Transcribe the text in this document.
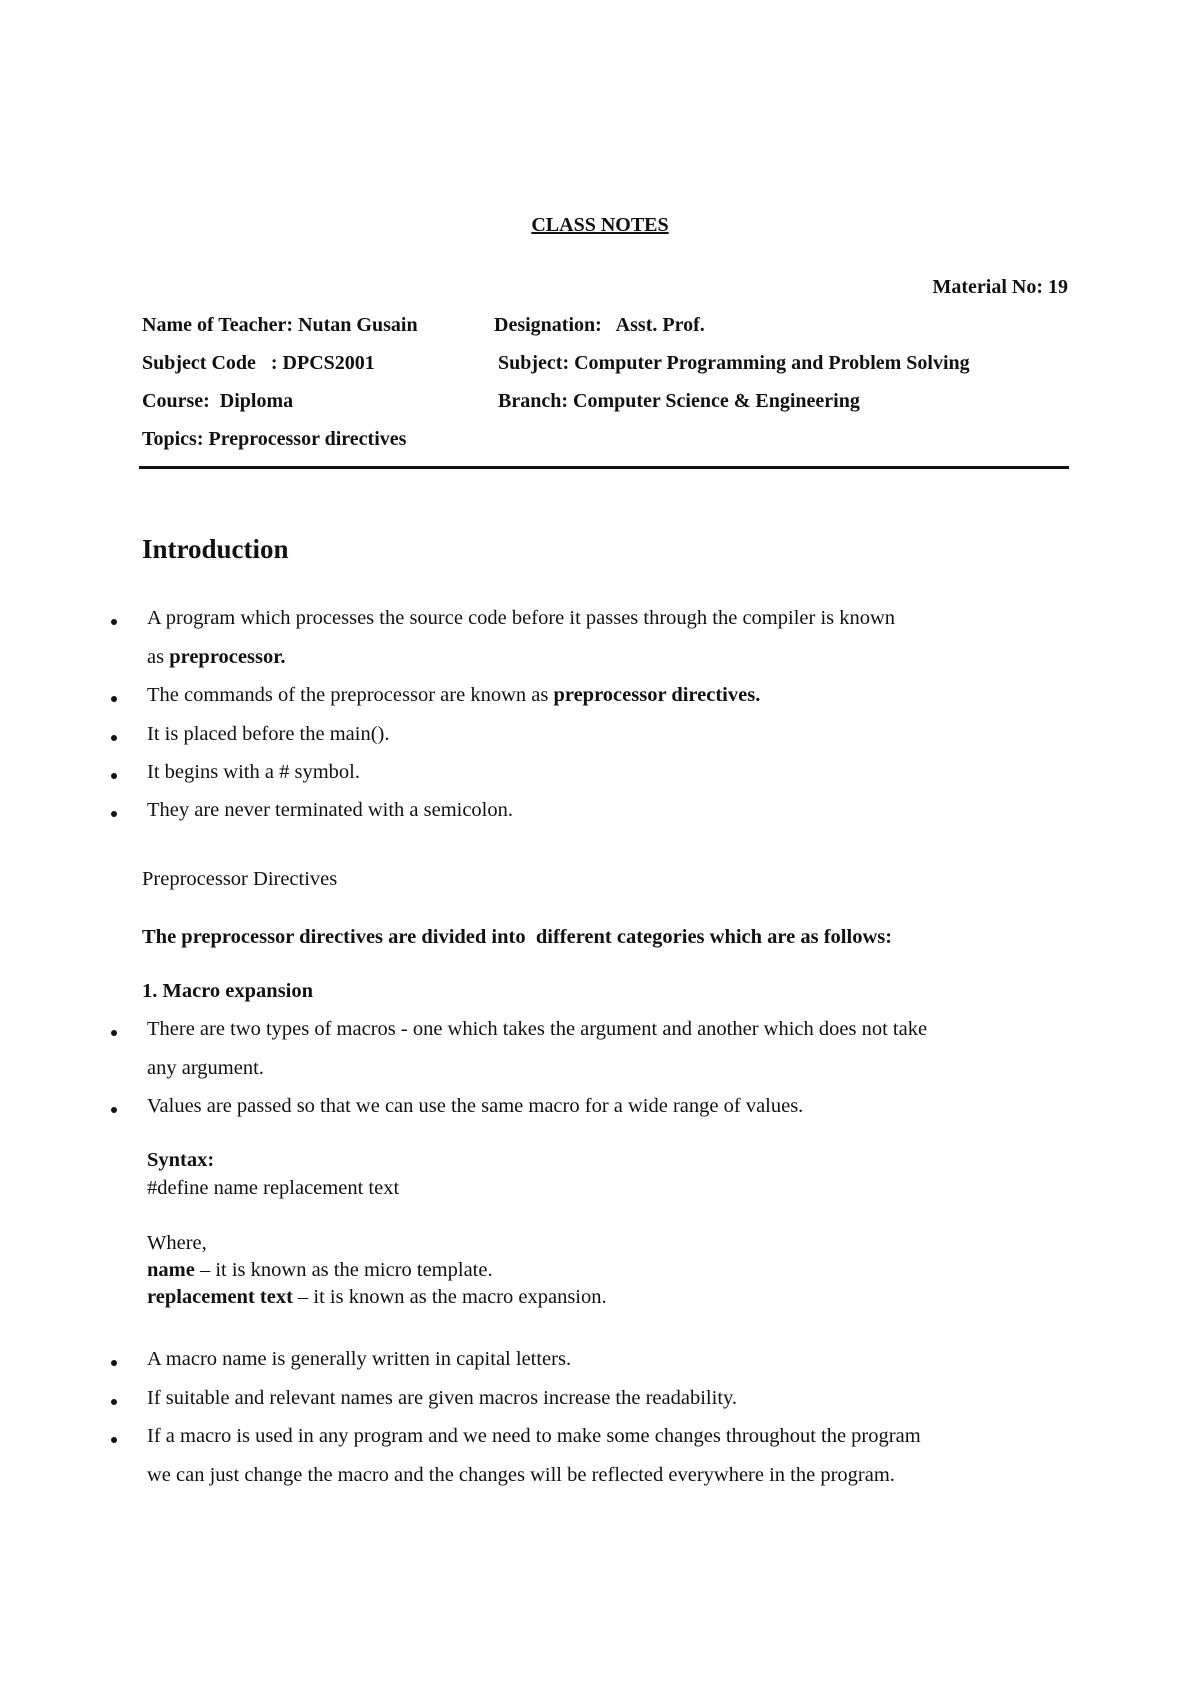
CLASS NOTES
Material No: 19
Name of Teacher: Nutan Gusain	Designation:   Asst. Prof.
Subject Code   : DPCS2001	Subject: Computer Programming and Problem Solving
Course:  Diploma	Branch: Computer Science & Engineering
Topics: Preprocessor directives
Introduction
A program which processes the source code before it passes through the compiler is known
as preprocessor.
The commands of the preprocessor are known as preprocessor directives.
It is placed before the main().
It begins with a # symbol.
They are never terminated with a semicolon.
Preprocessor Directives
The preprocessor directives are divided into  different categories which are as follows:
1. Macro expansion
There are two types of macros - one which takes the argument and another which does not take
any argument.
Values are passed so that we can use the same macro for a wide range of values.
Syntax:
#define name replacement text
Where,
name – it is known as the micro template.
replacement text – it is known as the macro expansion.
A macro name is generally written in capital letters.
If suitable and relevant names are given macros increase the readability.
If a macro is used in any program and we need to make some changes throughout the program
we can just change the macro and the changes will be reflected everywhere in the program.
